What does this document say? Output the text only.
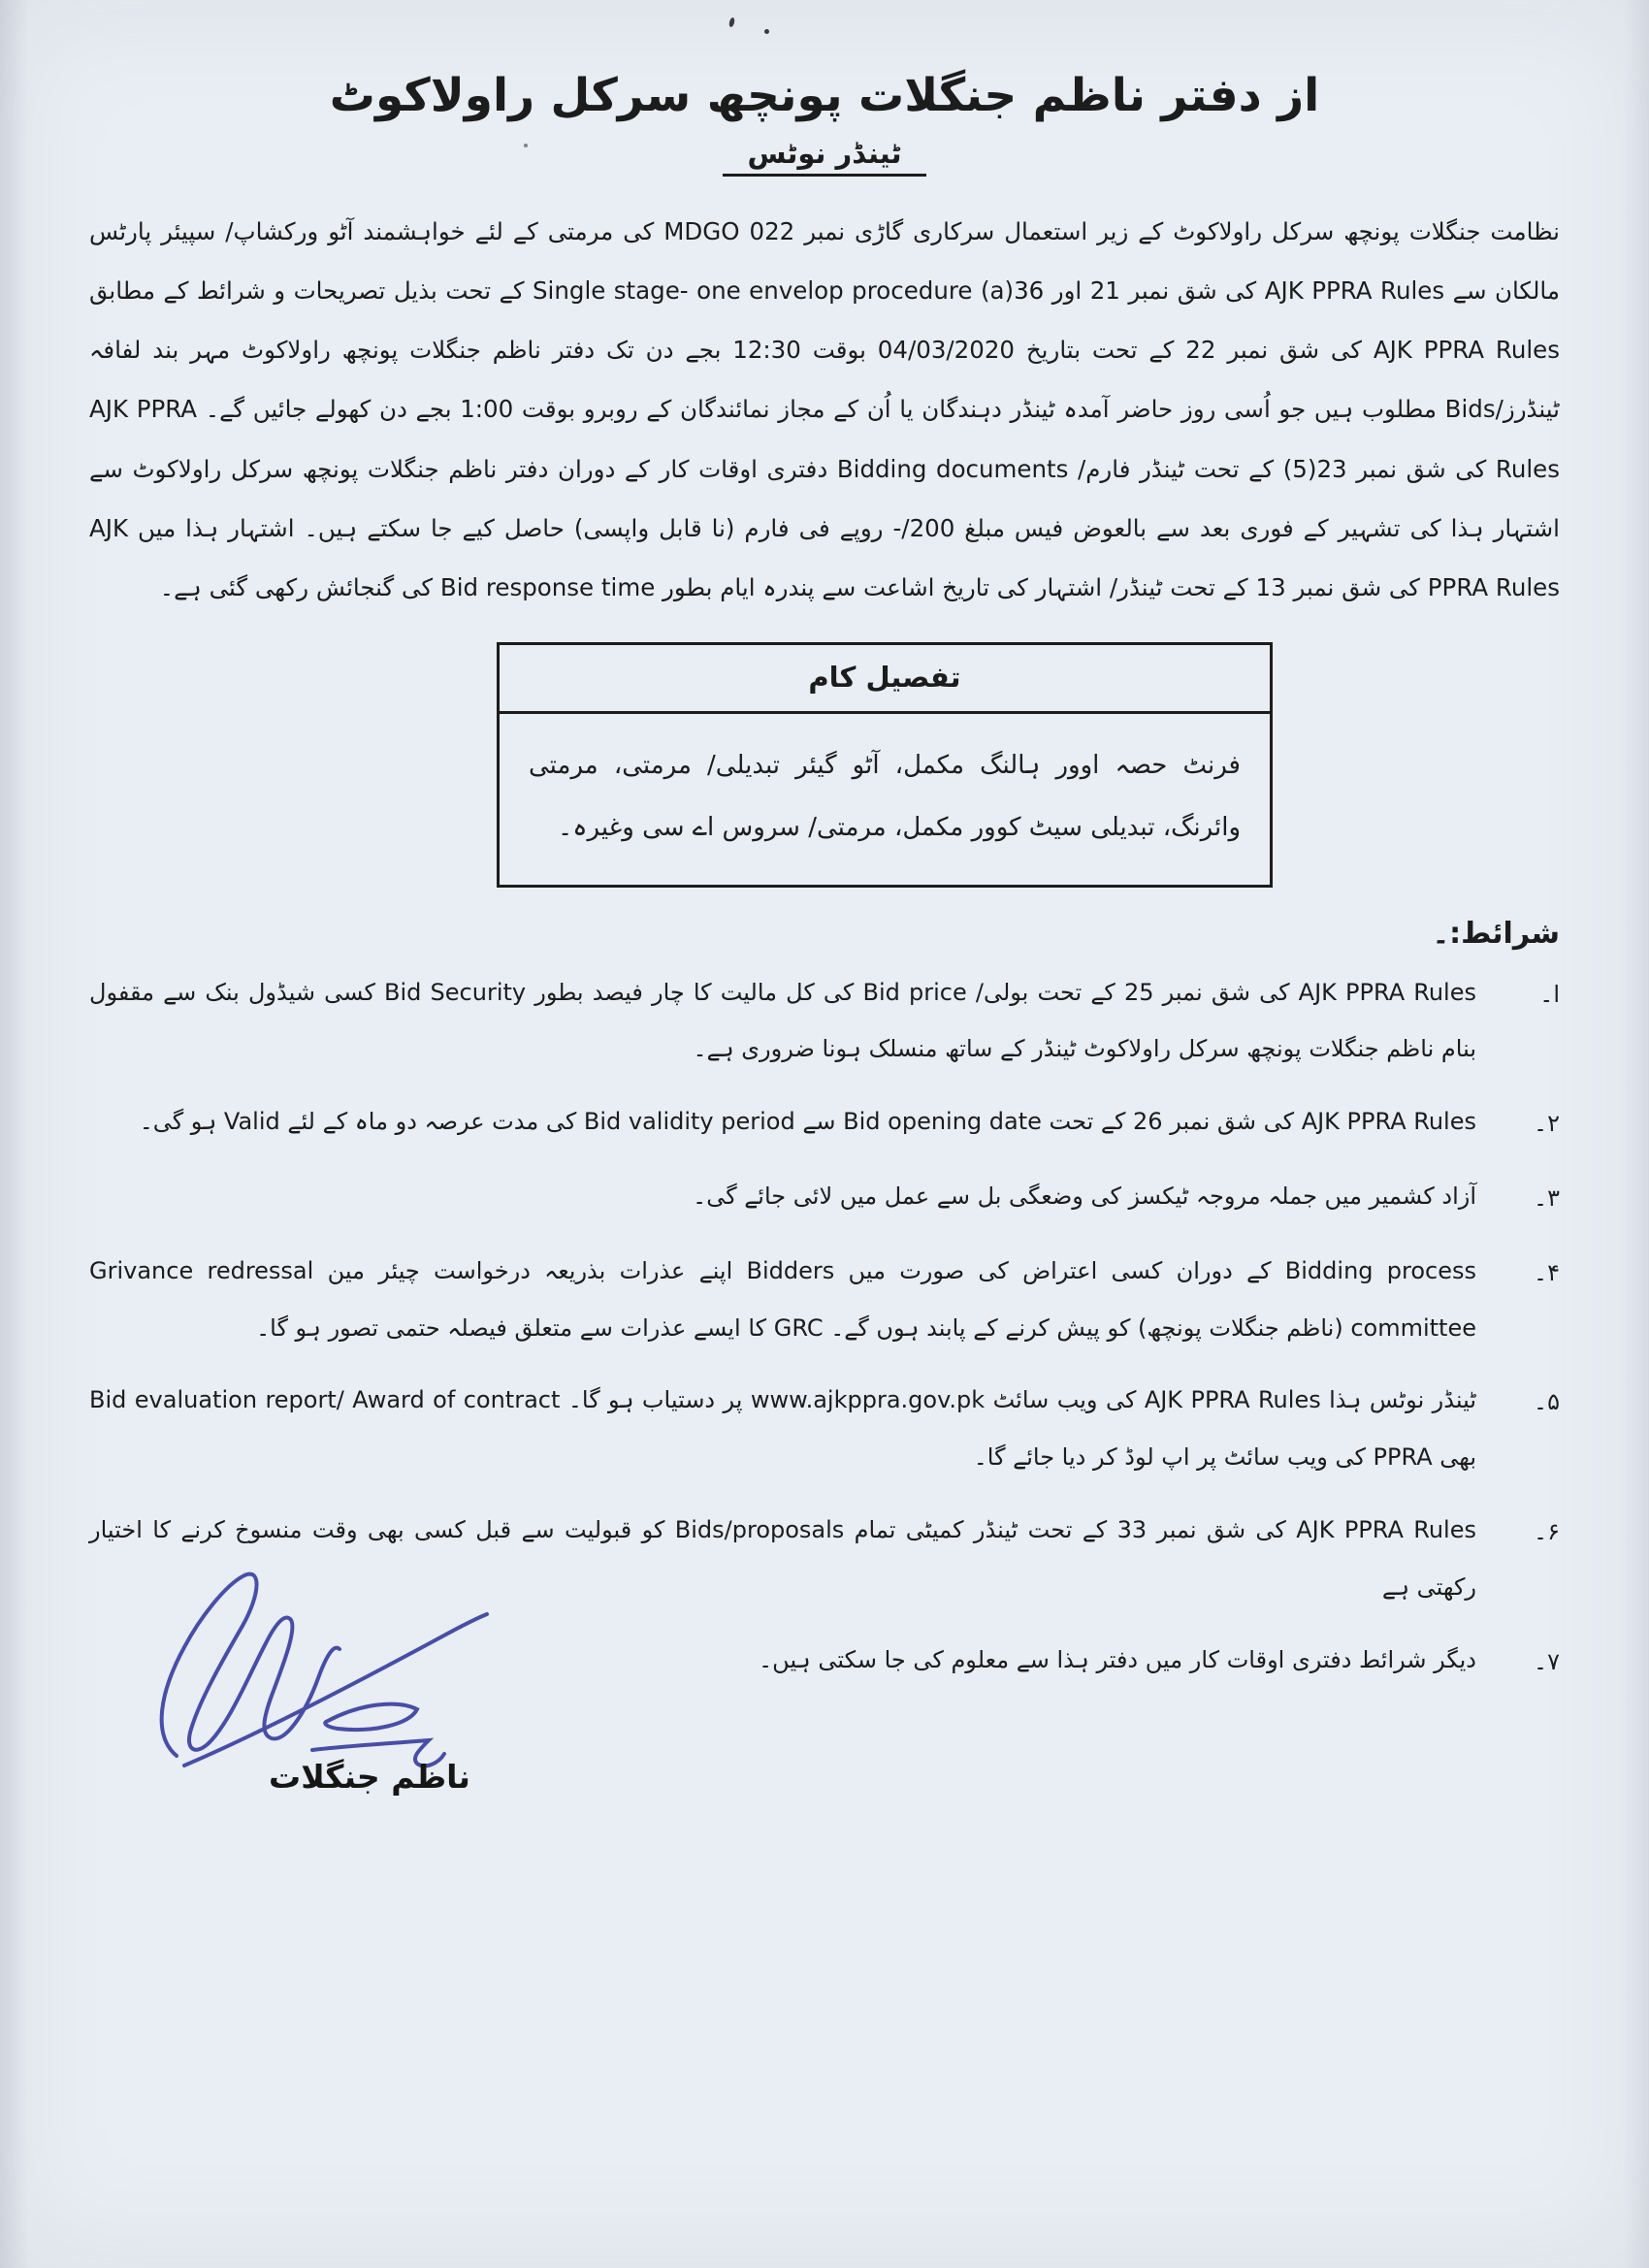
از دفتر ناظم جنگلات پونچھ سرکل راولاکوٹ
ٹینڈر نوٹس

نظامت جنگلات پونچھ سرکل راولاکوٹ کے زیر استعمال سرکاری گاڑی نمبر MDGO 022 کی مرمتی کے لئے خواہشمند آٹو ورکشاپ/ سپیئر پارٹس مالکان سے AJK PPRA Rules کی شق نمبر 21 اور 36(a) Single stage- one envelop procedure کے تحت بذیل تصریحات و شرائط کے مطابق AJK PPRA Rules کی شق نمبر 22 کے تحت بتاریخ 04/03/2020 بوقت 12:30 بجے دن تک دفتر ناظم جنگلات پونچھ راولاکوٹ مہر بند لفافہ ٹینڈرز/Bids مطلوب ہیں جو اُسی روز حاضر آمدہ ٹینڈر دہندگان یا اُن کے مجاز نمائندگان کے روبرو بوقت 1:00 بجے دن کھولے جائیں گے۔ AJK PPRA Rules کی شق نمبر 23(5) کے تحت ٹینڈر فارم/ Bidding documents دفتری اوقات کار کے دوران دفتر ناظم جنگلات پونچھ سرکل راولاکوٹ سے اشتہار ہذا کی تشہیر کے فوری بعد سے بالعوض فیس مبلغ 200/- روپے فی فارم (نا قابل واپسی) حاصل کیے جا سکتے ہیں۔ اشتہار ہذا میں AJK PPRA Rules کی شق نمبر 13 کے تحت ٹینڈر/ اشتہار کی تاریخ اشاعت سے پندرہ ایام بطور Bid response time کی گنجائش رکھی گئی ہے۔

تفصیل کام
فرنٹ حصہ اوور ہالنگ مکمل، آٹو گیئر تبدیلی/ مرمتی، مرمتی وائرنگ، تبدیلی سیٹ کوور مکمل، مرمتی/ سروس اے سی وغیرہ۔
شرائط:۔
ا۔
AJK PPRA Rules کی شق نمبر 25 کے تحت بولی/ Bid price کی کل مالیت کا چار فیصد بطور Bid Security کسی شیڈول بنک سے مقفول بنام ناظم جنگلات پونچھ سرکل راولاکوٹ ٹینڈر کے ساتھ منسلک ہونا ضروری ہے۔
۲۔
AJK PPRA Rules کی شق نمبر 26 کے تحت Bid opening date سے Bid validity period کی مدت عرصہ دو ماہ کے لئے Valid ہو گی۔
۳۔
آزاد کشمیر میں جملہ مروجہ ٹیکسز کی وضعگی بل سے عمل میں لائی جائے گی۔
۴۔
Bidding process کے دوران کسی اعتراض کی صورت میں Bidders اپنے عذرات بذریعہ درخواست چیئر مین Grivance redressal committee (ناظم جنگلات پونچھ) کو پیش کرنے کے پابند ہوں گے۔ GRC کا ایسے عذرات سے متعلق فیصلہ حتمی تصور ہو گا۔
۵۔
ٹینڈر نوٹس ہذا AJK PPRA Rules کی ویب سائٹ www.ajkppra.gov.pk پر دستیاب ہو گا۔ Bid evaluation report/ Award of contract بھی PPRA کی ویب سائٹ پر اپ لوڈ کر دیا جائے گا۔
۶۔
AJK PPRA Rules کی شق نمبر 33 کے تحت ٹینڈر کمیٹی تمام Bids/proposals کو قبولیت سے قبل کسی بھی وقت منسوخ کرنے کا اختیار رکھتی ہے
۷۔
دیگر شرائط دفتری اوقات کار میں دفتر ہذا سے معلوم کی جا سکتی ہیں۔
ناظم جنگلات
